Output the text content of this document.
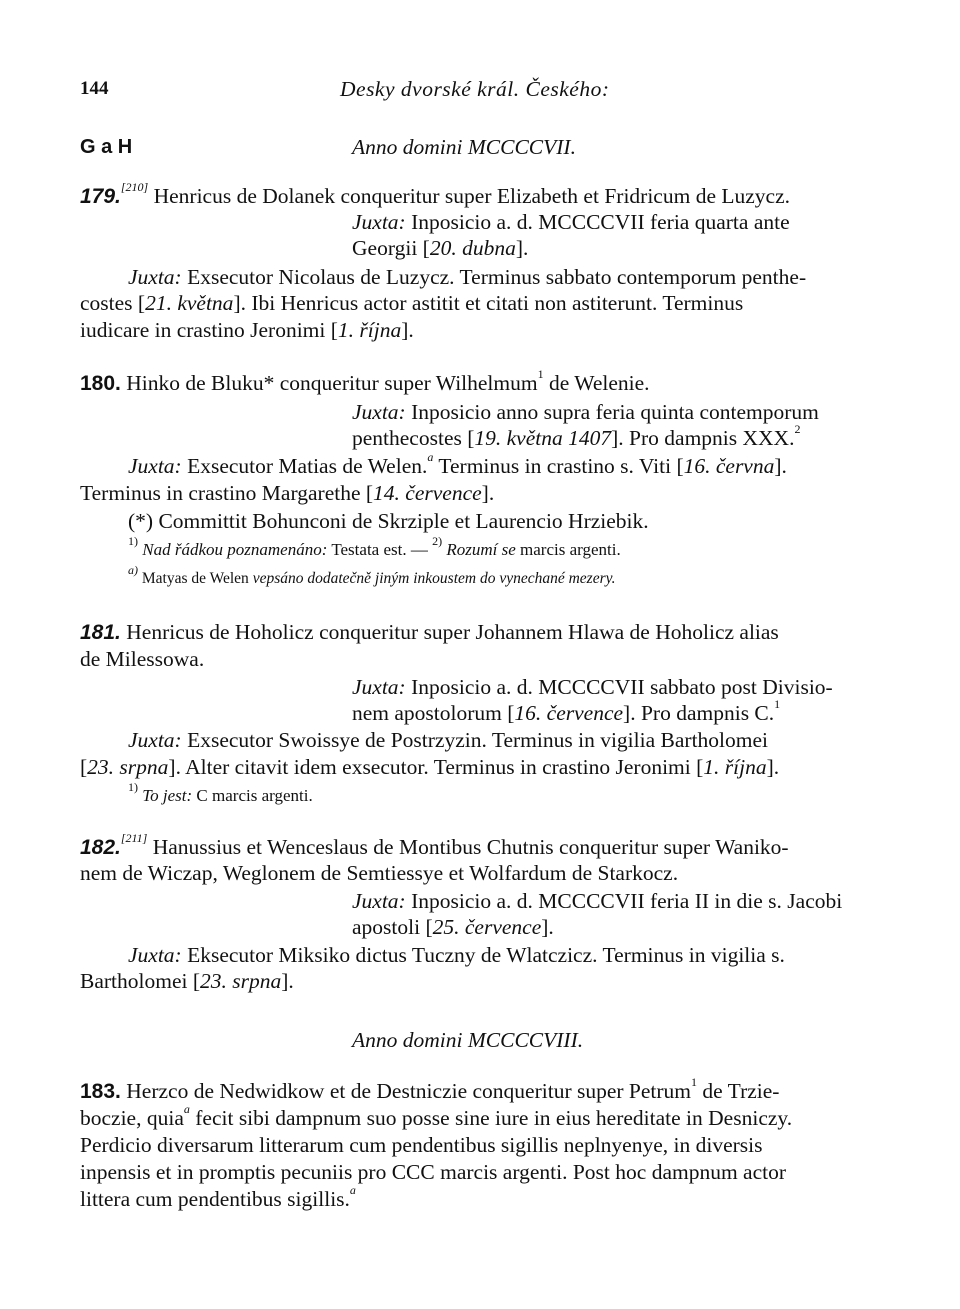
144	Desky dvorské král. Českého:
G a H	Anno domini MCCCCVII.
179.[210] Henricus de Dolanek conqueritur super Elizabeth et Fridricum de Luzycz.
Juxta: Inposicio a. d. MCCCCVII feria quarta ante
Georgii [20. dubna].
Juxta: Exsecutor Nicolaus de Luzycz. Terminus sabbato contemporum penthe-
costes [21. května]. Ibi Henricus actor astitit et citati non astiterunt. Terminus
iudicare in crastino Jeronimi [1. října].
180. Hinko de Bluku* conqueritur super Wilhelmum$^1$ de Welenie.
Juxta: Inposicio anno supra feria quinta contemporum
penthecostes [19. května 1407]. Pro dampnis XXX.$^2$
Juxta: Exsecutor Matias de Welen.$^a$ Terminus in crastino s. Viti [16. června].
Terminus in crastino Margarethe [14. července].
(*) Committit Bohunconi de Skrziple et Laurencio Hrziebik.
$^{1)}$ Nad řádkou poznamenáno: Testata est. — $^{2)}$ Rozumí se marcis argenti.
$^{a)}$ Matyas de Welen vepsáno dodatečně jiným inkoustem do vynechané mezery.
181. Henricus de Hoholicz conqueritur super Johannem Hlawa de Hoholicz alias
de Milessowa.
Juxta: Inposicio a. d. MCCCCVII sabbato post Divisio-
nem apostolorum [16. července]. Pro dampnis C.$^1$
Juxta: Exsecutor Swoissye de Postrzyzin. Terminus in vigilia Bartholomei
[23. srpna]. Alter citavit idem exsecutor. Terminus in crastino Jeronimi [1. října].
$^{1)}$ To jest: C marcis argenti.
182.[211] Hanussius et Wenceslaus de Montibus Chutnis conqueritur super Waniko-
nem de Wiczap, Weglonem de Semtiessye et Wolfardum de Starkocz.
Juxta: Inposicio a. d. MCCCCVII feria II in die s. Jacobi
apostoli [25. července].
Juxta: Eksecutor Miksiko dictus Tuczny de Wlatczicz. Terminus in vigilia s.
Bartholomei [23. srpna].
Anno domini MCCCCVIII.
183. Herzco de Nedwidkow et de Destniczie conqueritur super Petrum$^1$ de Trzie-
boczie, quia$^a$ fecit sibi dampnum suo posse sine iure in eius hereditate in Desniczy.
Perdicio diversarum litterarum cum pendentibus sigillis neplnyenye, in diversis
inpensis et in promptis pecuniis pro CCC marcis argenti. Post hoc dampnum actor
littera cum pendentibus sigillis.$^a$
